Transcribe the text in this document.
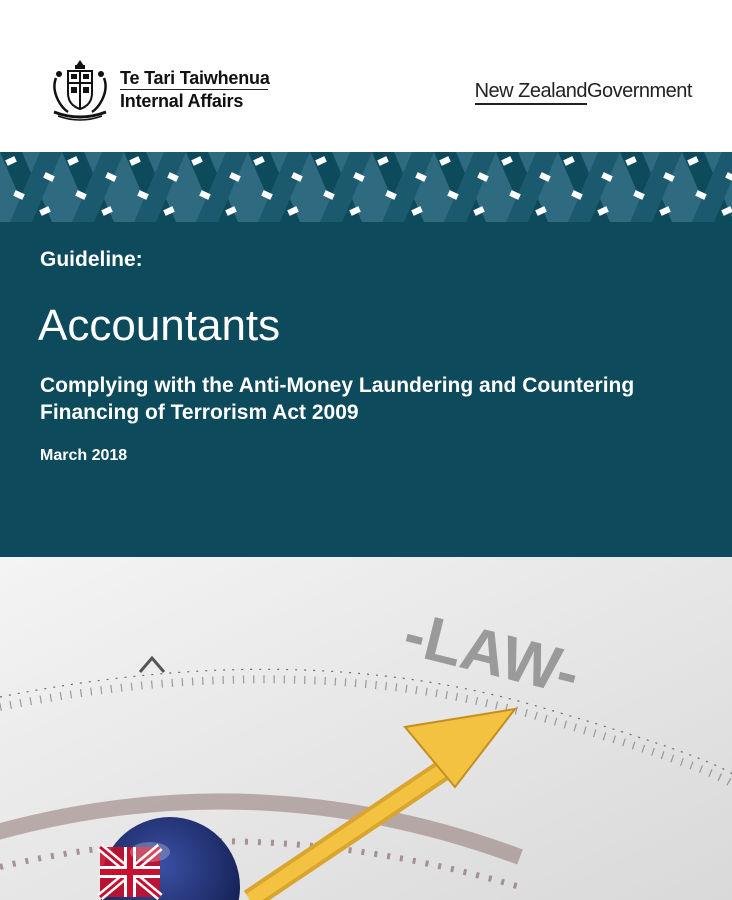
Te Tari Taiwhenua
Internal Affairs	New ZealandGovernment
Guideline:
Accountants
Complying with the Anti-Money Laundering and Countering Financing of Terrorism Act 2009
March 2018
-LAW-
